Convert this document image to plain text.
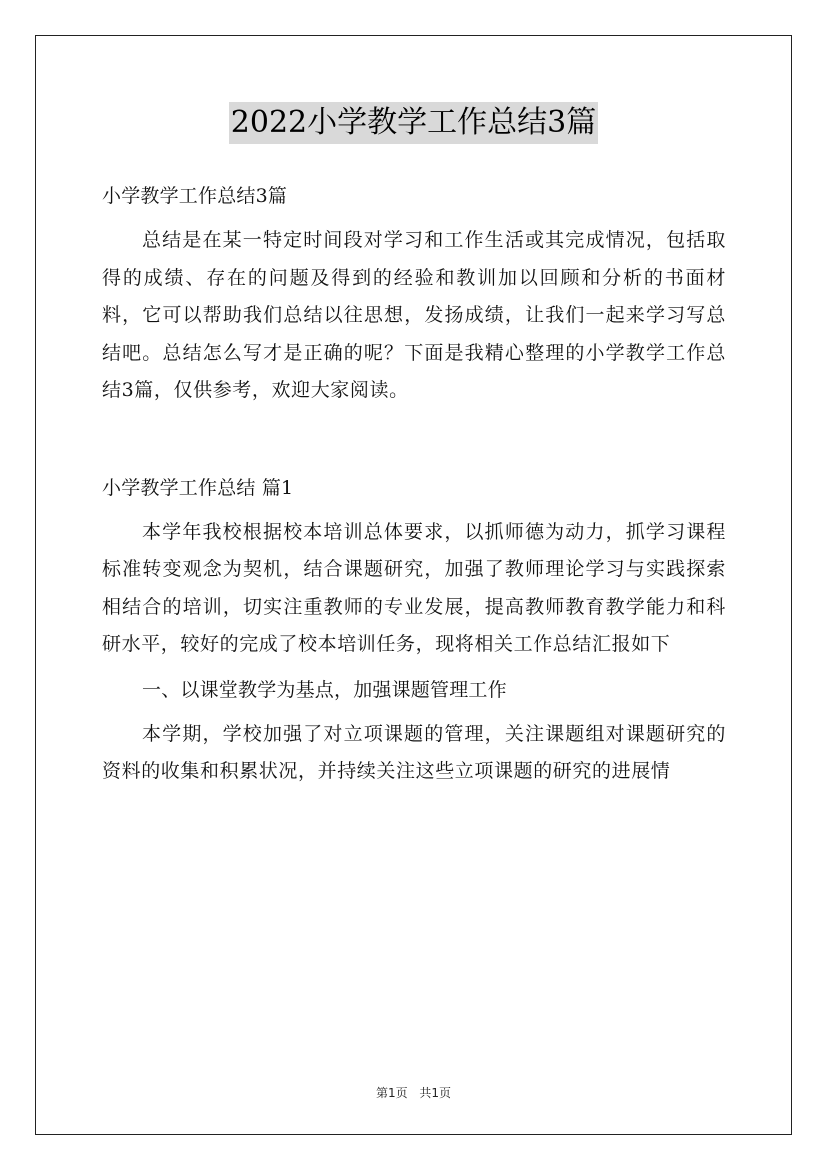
2022小学教学工作总结3篇
小学教学工作总结3篇

总结是在某一特定时间段对学习和工作生活或其完成情况，包括取得的成绩、存在的问题及得到的经验和教训加以回顾和分析的书面材料，它可以帮助我们总结以往思想，发扬成绩，让我们一起来学习写总结吧。总结怎么写才是正确的呢？下面是我精心整理的小学教学工作总结3篇，仅供参考，欢迎大家阅读。

小学教学工作总结 篇1

本学年我校根据校本培训总体要求，以抓师德为动力，抓学习课程标准转变观念为契机，结合课题研究，加强了教师理论学习与实践探索相结合的培训，切实注重教师的专业发展，提高教师教育教学能力和科研水平，较好的完成了校本培训任务，现将相关工作总结汇报如下

一、以课堂教学为基点，加强课题管理工作

本学期，学校加强了对立项课题的管理，关注课题组对课题研究的资料的收集和积累状况，并持续关注这些立项课题的研究的进展情

第1页 共1页
